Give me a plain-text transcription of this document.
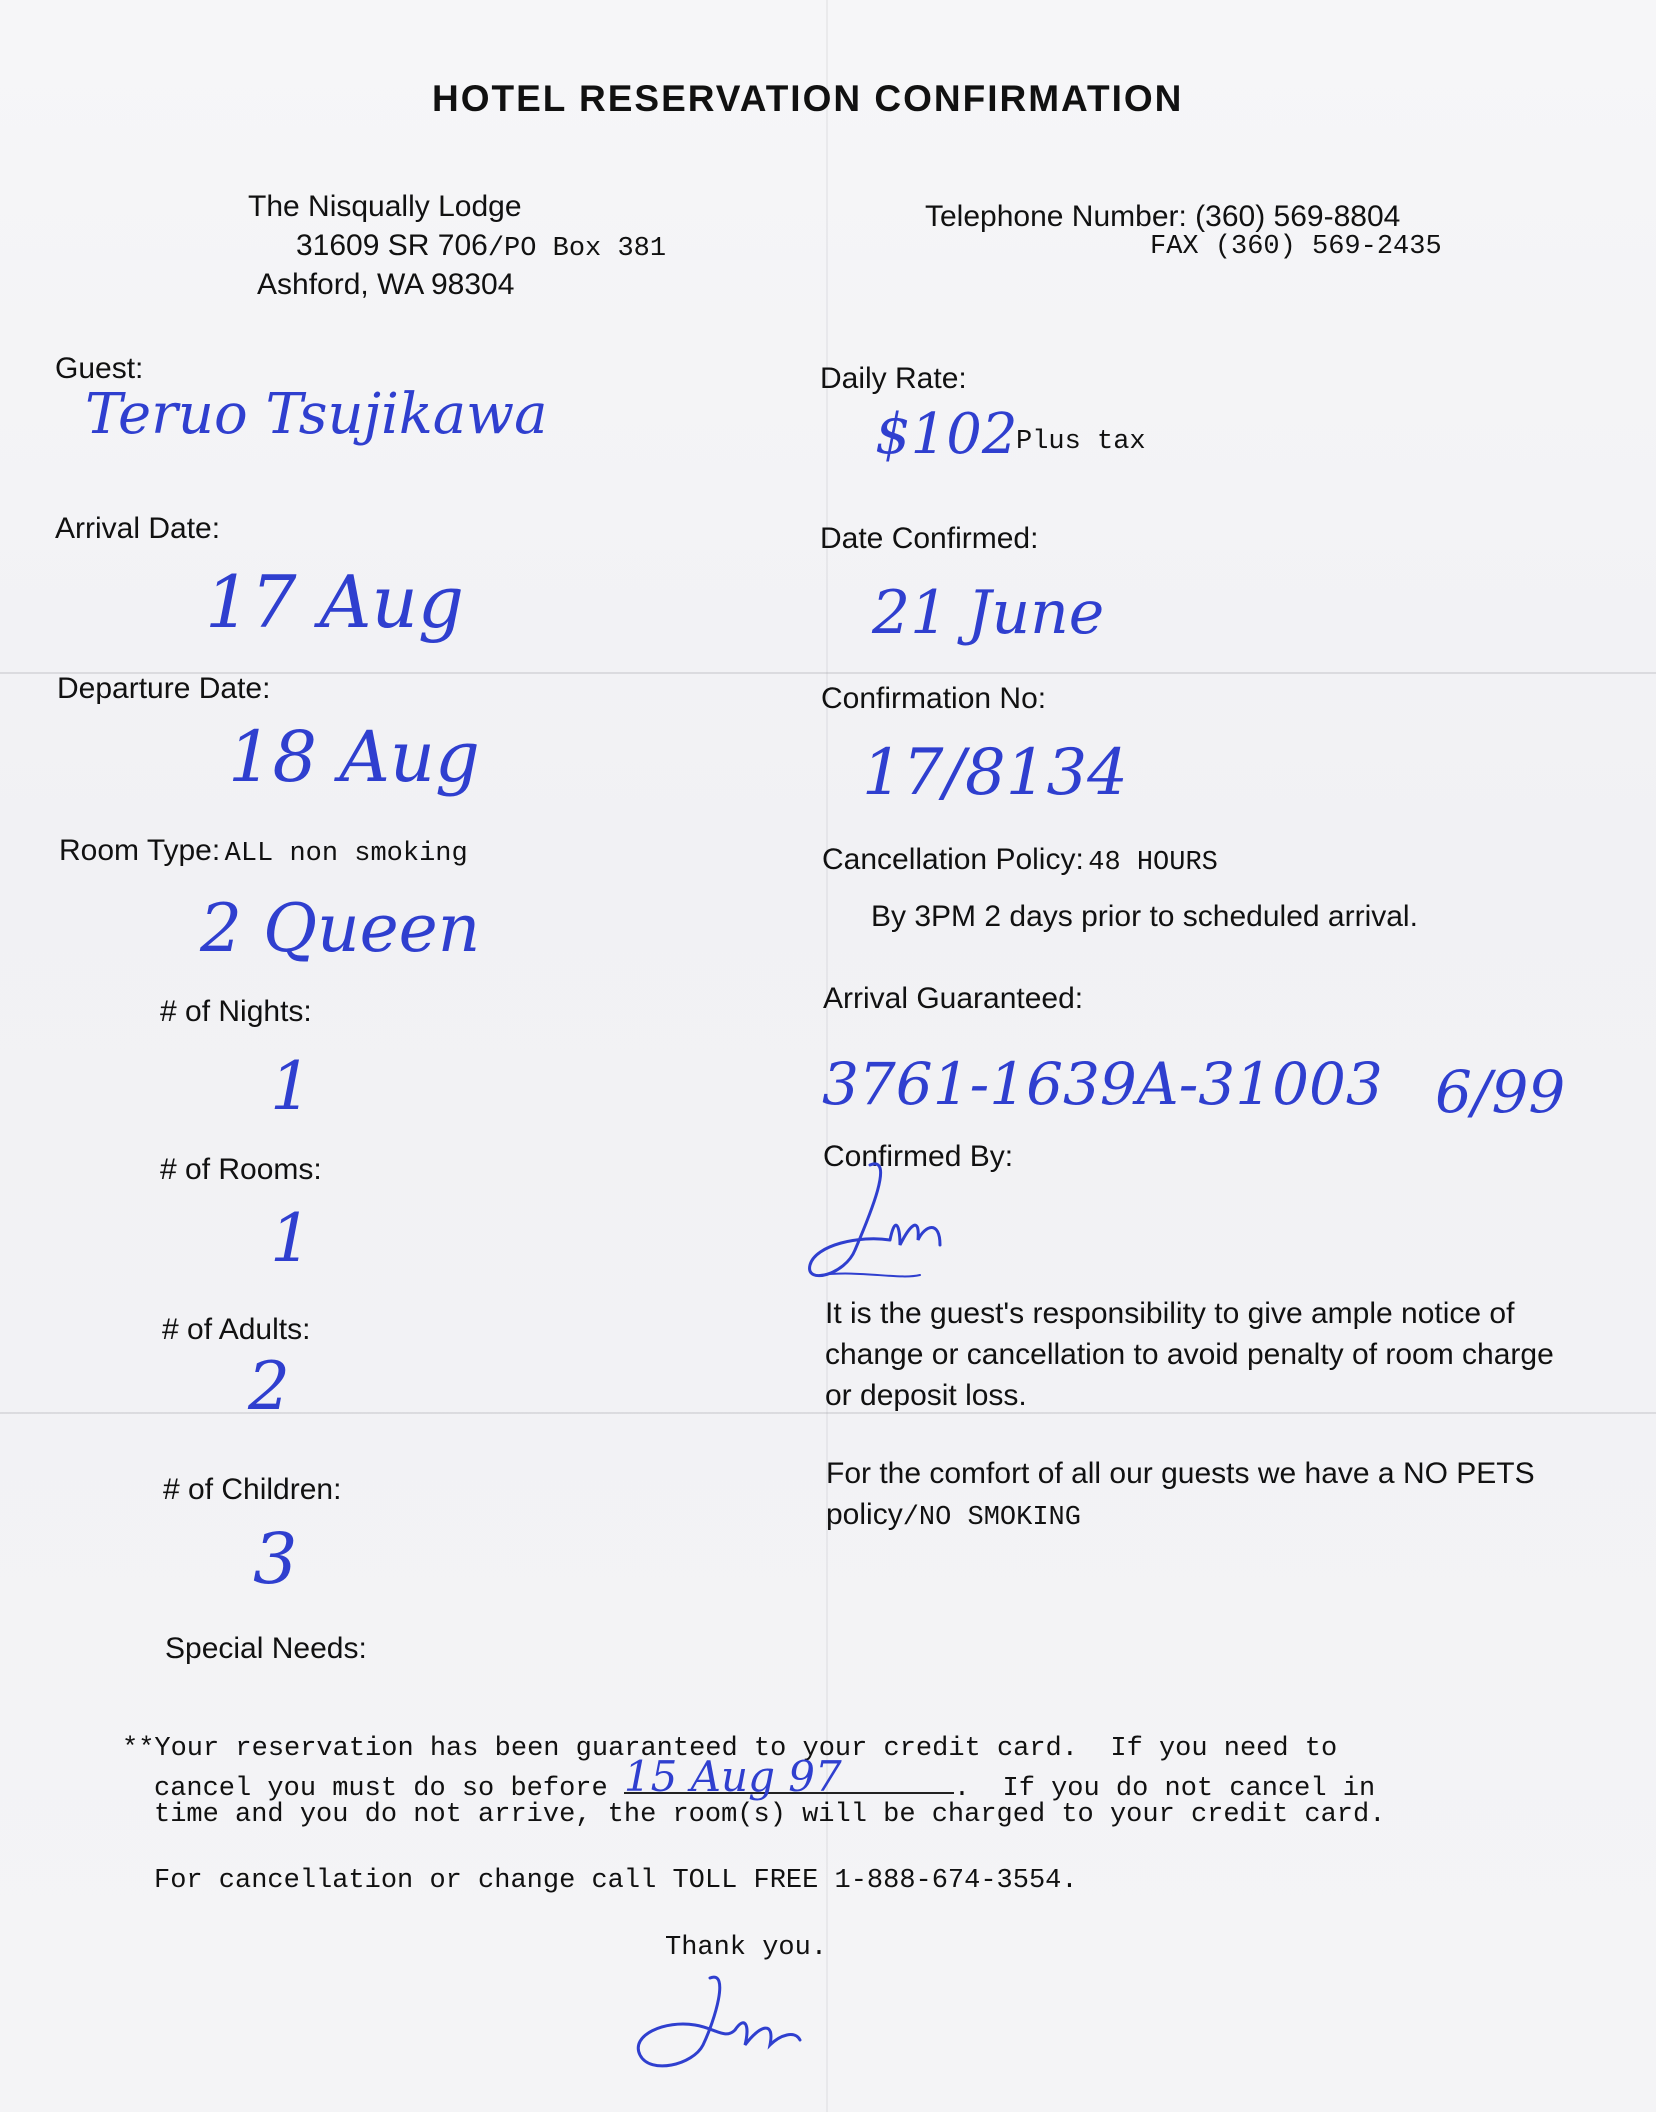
HOTEL RESERVATION CONFIRMATION
The Nisqually Lodge
31609 SR 706/PO Box 381
Ashford, WA 98304
Telephone Number: (360) 569-8804
FAX (360) 569-2435
Guest:
Teruo Tsujikawa
Arrival Date:
17 Aug
Departure Date:
18 Aug
Room Type: ALL non smoking
2 Queen
# of Nights:
1
# of Rooms:
1
# of Adults:
2
# of Children:
3
Special Needs:
Daily Rate:
$102
Plus tax
Date Confirmed:
21 June
Confirmation No:
17/8134
Cancellation Policy: 48 HOURS
By 3PM 2 days prior to scheduled arrival.
Arrival Guaranteed:
3761-1639A-31003 6/99
Confirmed By:
It is the guest's responsibility to give ample notice of change or cancellation to avoid penalty of room charge or deposit loss.
For the comfort of all our guests we have a NO PETS policy/NO SMOKING
**Your reservation has been guaranteed to your credit card.  If you need to
cancel you must do so before 15 Aug 97	.  If you do not cancel in
time and you do not arrive, the room(s) will be charged to your credit card.
For cancellation or change call TOLL FREE 1-888-674-3554.
Thank you.
